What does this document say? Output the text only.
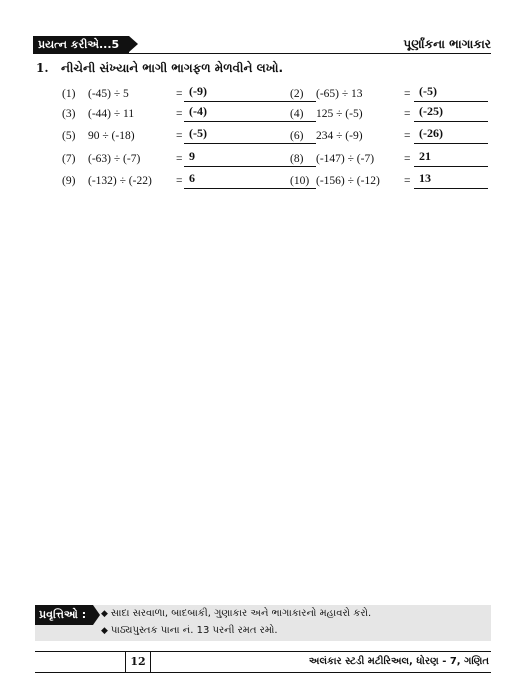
પ્રયત્ન કરીએ...5	પૂર્ણાંકના ભાગાકાર
1. નીચેની સંખ્યાને ભાગી ભાગફળ મેળવીને લખો.
(1) (-45) ÷ 5	= (-9)	(2) (-65) ÷ 13	= (-5)
(3) (-44) ÷ 11	= (-4)	(4) 125 ÷ (-5)	= (-25)
(5) 90 ÷ (-18)	= (-5)	(6) 234 ÷ (-9)	= (-26)
(7) (-63) ÷ (-7)	= 9	(8) (-147) ÷ (-7)	= 21
(9) (-132) ÷ (-22) = 6	(10) (-156) ÷ (-12) = 13
પ્રવૃત્તિઓ :	◆ સાદા સરવાળા, બાદબાકી, ગુણાકાર અને ભાગાકારનો મહાવરો કરો.
◆ પાઠ્યપુસ્તક પાના નં. 13 પરની રમત રમો.
12	અલંકાર સ્ટડી મટીરિઅલ, ધોરણ - 7, ગણિત
